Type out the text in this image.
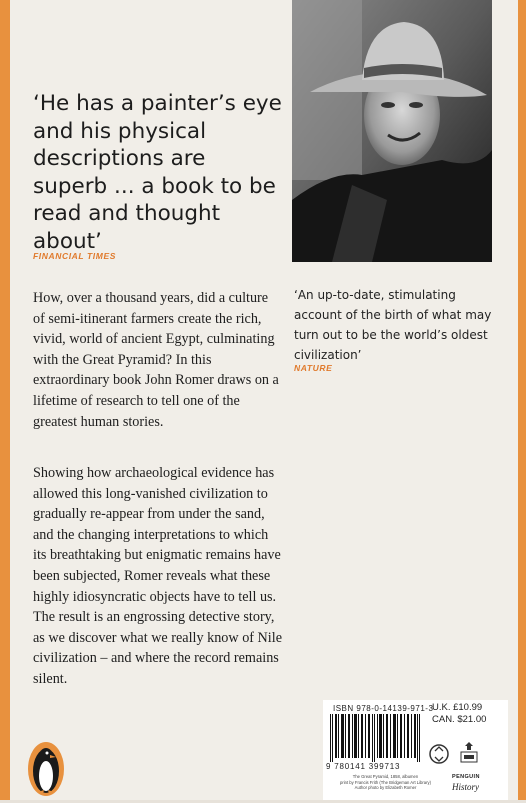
‘He has a painter’s eye and his physical descriptions are superb ... a book to be read and thought about’

FINANCIAL TIMES

‘An up-to-date, stimulating account of the birth of what may turn out to be the world’s oldest civilization’

NATURE

How, over a thousand years, did a culture of semi-itinerant farmers create the rich, vivid, world of ancient Egypt, culminating with the Great Pyramid? In this extraordinary book John Romer draws on a lifetime of research to tell one of the greatest human stories.

Showing how archaeological evidence has allowed this long-vanished civilization to gradually re-appear from under the sand, and the changing interpretations to which its breathtaking but enigmatic remains have been subjected, Romer reveals what these highly idiosyncratic objects have to tell us. The result is an engrossing detective story, as we discover what we really know of Nile civilization – and where the record remains silent.

ISBN 978-0-14139-971-3
U.K. £10.99
CAN. $21.00
9 780141 399713
The Great Pyramid, 1858, albumen
print by Francis Frith (The Bridgeman Art Library)
Author photo by Elizabeth Romer
PENGUIN
History
